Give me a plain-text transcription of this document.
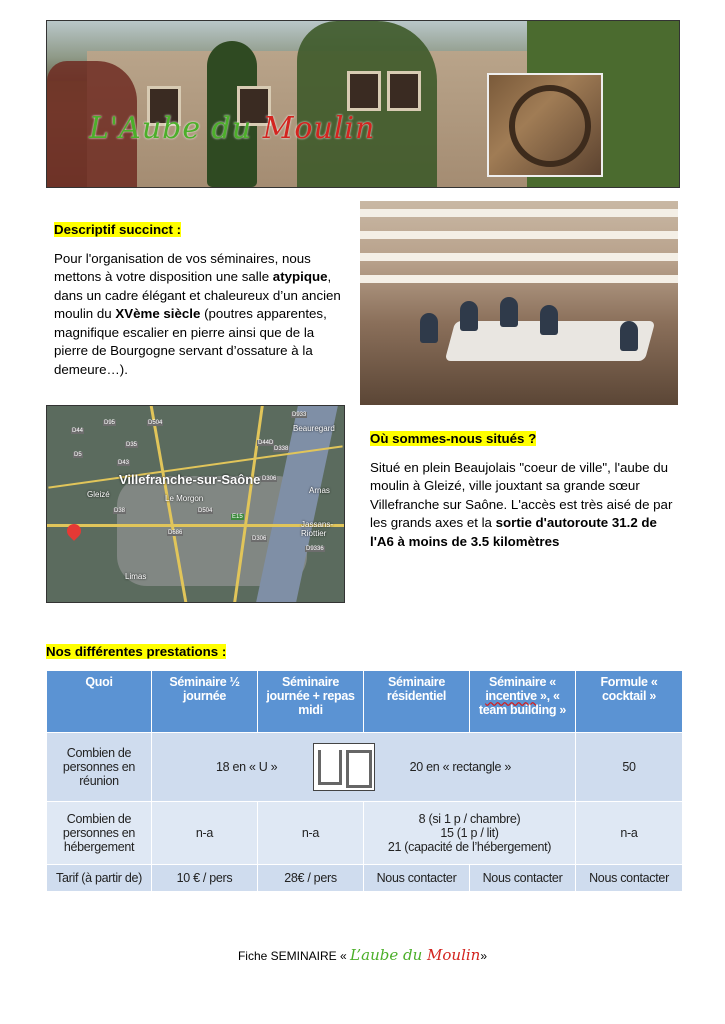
L'Aube du Moulin
Descriptif succinct :
Pour l'organisation de vos séminaires, nous mettons à votre disposition une salle atypique, dans un cadre élégant et chaleureux d’un ancien moulin du XVème siècle (poutres apparentes, magnifique escalier en pierre ainsi que de la pierre de Bourgogne servant d’ossature à la demeure…).
D44
D35
D95
D338
D306
D504
D933
D43
D686
D306
D5
D44D
D9336
E15
D38
D504
Villefranche-sur-Saône
Gleizé
Limas
Le Morgon
Beauregard
Arnas
Jassans-Riottier
Où sommes-nous situés ?
Situé en plein Beaujolais "coeur de ville", l'aube du moulin à Gleizé, ville jouxtant sa grande sœur Villefranche sur Saône. L'accès est très aisé de par les grands axes et la sortie d'autoroute 31.2 de l'A6 à moins de 3.5 kilomètres
Nos différentes prestations :
Quoi	Séminaire ½ journée	Séminaire journée + repas midi	Séminaire résidentiel	Séminaire « incentive », « team building »	Formule « cocktail »
Combien de personnes en réunion	18 en « U » 20 en « rectangle »				50
Combien de personnes en hébergement	n-a	n-a	8 (si 1 p / chambre)
15 (1 p / lit)
21 (capacité de l’hébergement)		n-a
Tarif (à partir de)	10 € / pers	28€ / pers	Nous contacter	Nous contacter	Nous contacter
Fiche SEMINAIRE « L’aube du Moulin»
